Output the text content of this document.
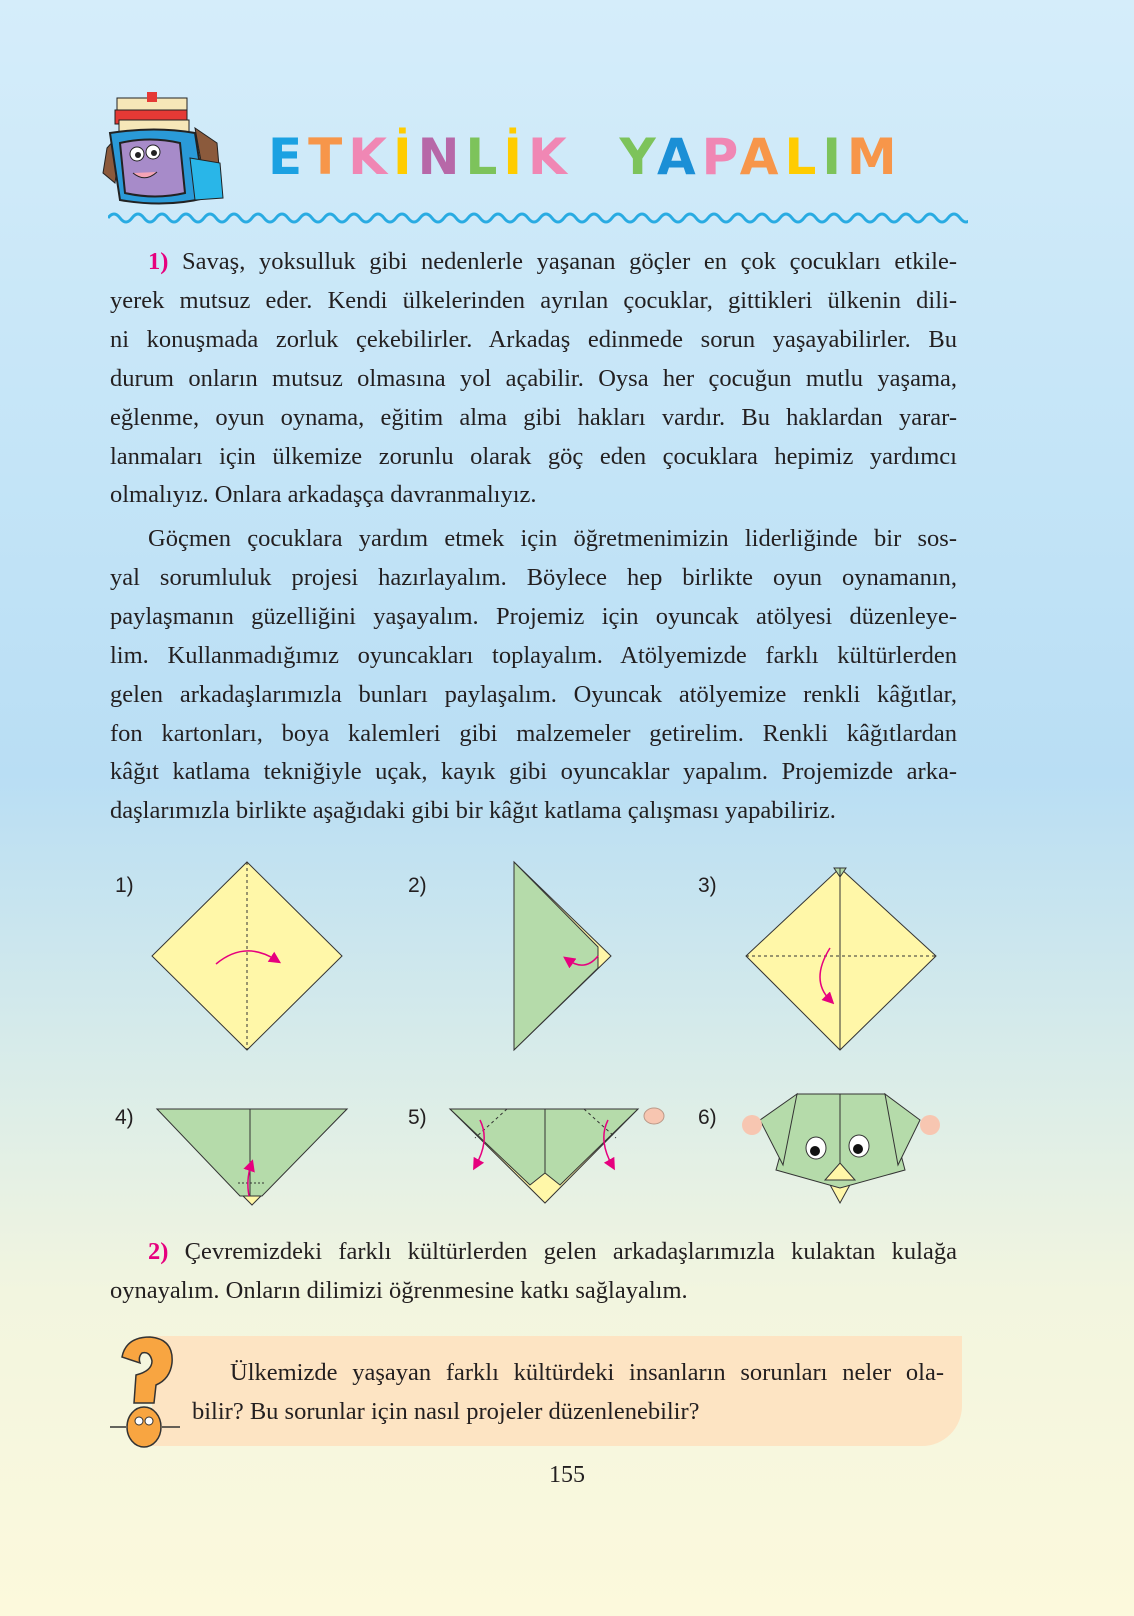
ETKİNLİK YAPALIM
1) Savaş, yoksulluk gibi nedenlerle yaşanan göçler en çok çocukları etkile-
yerek mutsuz eder. Kendi ülkelerinden ayrılan çocuklar, gittikleri ülkenin dili-
ni konuşmada zorluk çekebilirler. Arkadaş edinmede sorun yaşayabilirler. Bu
durum onların mutsuz olmasına yol açabilir. Oysa her çocuğun mutlu yaşama,
eğlenme, oyun oynama, eğitim alma gibi hakları vardır. Bu haklardan yarar-
lanmaları için ülkemize zorunlu olarak göç eden çocuklara hepimiz yardımcı
olmalıyız. Onlara arkadaşça davranmalıyız.
Göçmen çocuklara yardım etmek için öğretmenimizin liderliğinde bir sos-
yal sorumluluk projesi hazırlayalım. Böylece hep birlikte oyun oynamanın,
paylaşmanın güzelliğini yaşayalım. Projemiz için oyuncak atölyesi düzenleye-
lim. Kullanmadığımız oyuncakları toplayalım. Atölyemizde farklı kültürlerden
gelen arkadaşlarımızla bunları paylaşalım. Oyuncak atölyemize renkli kâğıtlar,
fon kartonları, boya kalemleri gibi malzemeler getirelim. Renkli kâğıtlardan
kâğıt katlama tekniğiyle uçak, kayık gibi oyuncaklar yapalım. Projemizde arka-
daşlarımızla birlikte aşağıdaki gibi bir kâğıt katlama çalışması yapabiliriz.
1)	2)	3)
4)	5)	6)
2) Çevremizdeki farklı kültürlerden gelen arkadaşlarımızla kulaktan kulağa
oynayalım. Onların dilimizi öğrenmesine katkı sağlayalım.
Ülkemizde yaşayan farklı kültürdeki insanların sorunları neler ola-
bilir? Bu sorunlar için nasıl projeler düzenlenebilir?
155
